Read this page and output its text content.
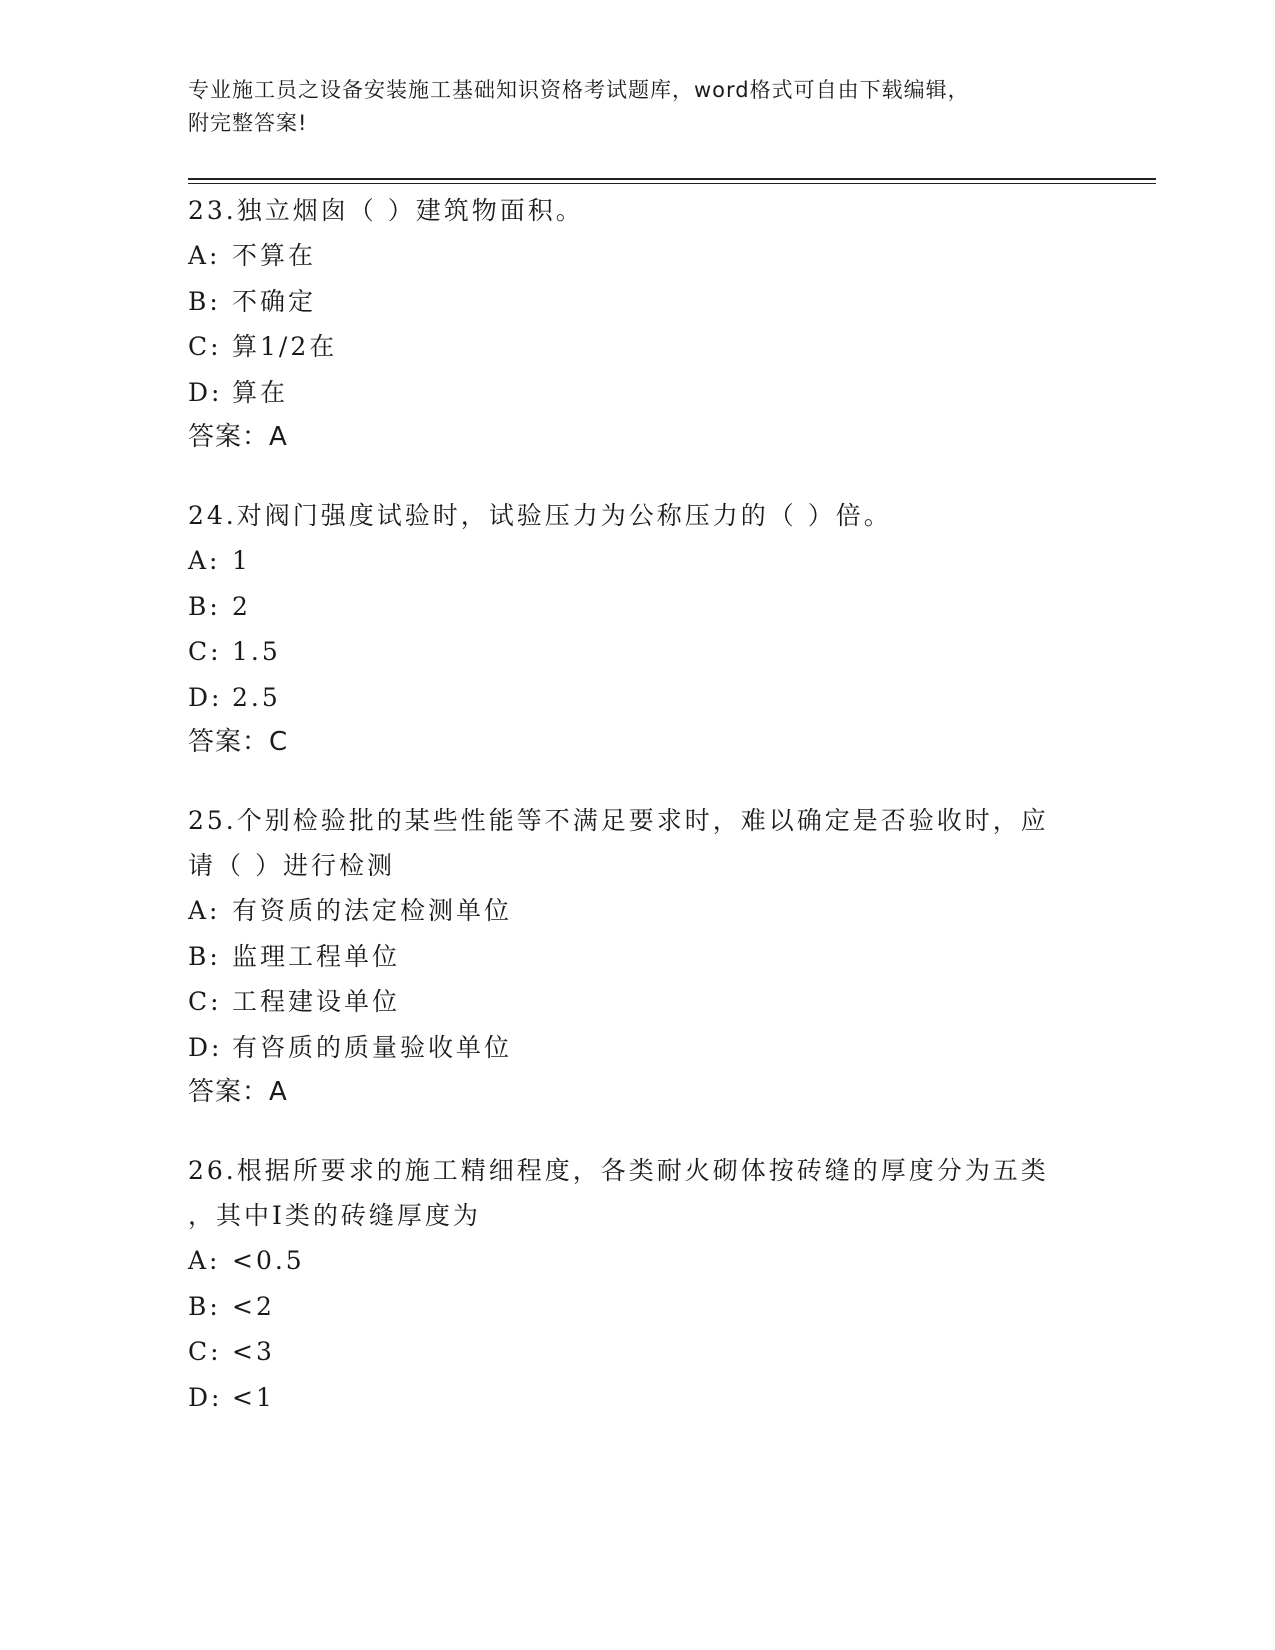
专业施工员之设备安装施工基础知识资格考试题库，word格式可自由下载编辑，
附完整答案!
23.独立烟囱（ ）建筑物面积。
A: 不算在
B: 不确定
C: 算1/2在
D: 算在
答案：A
24.对阀门强度试验时，试验压力为公称压力的（ ）倍。
A: 1
B: 2
C: 1.5
D: 2.5
答案：C
25.个别检验批的某些性能等不满足要求时，难以确定是否验收时，应
请（ ）进行检测
A: 有资质的法定检测单位
B: 监理工程单位
C: 工程建设单位
D: 有咨质的质量验收单位
答案：A
26.根据所要求的施工精细程度，各类耐火砌体按砖缝的厚度分为五类
，其中I类的砖缝厚度为
A: <0.5
B: <2
C: <3
D: <1
